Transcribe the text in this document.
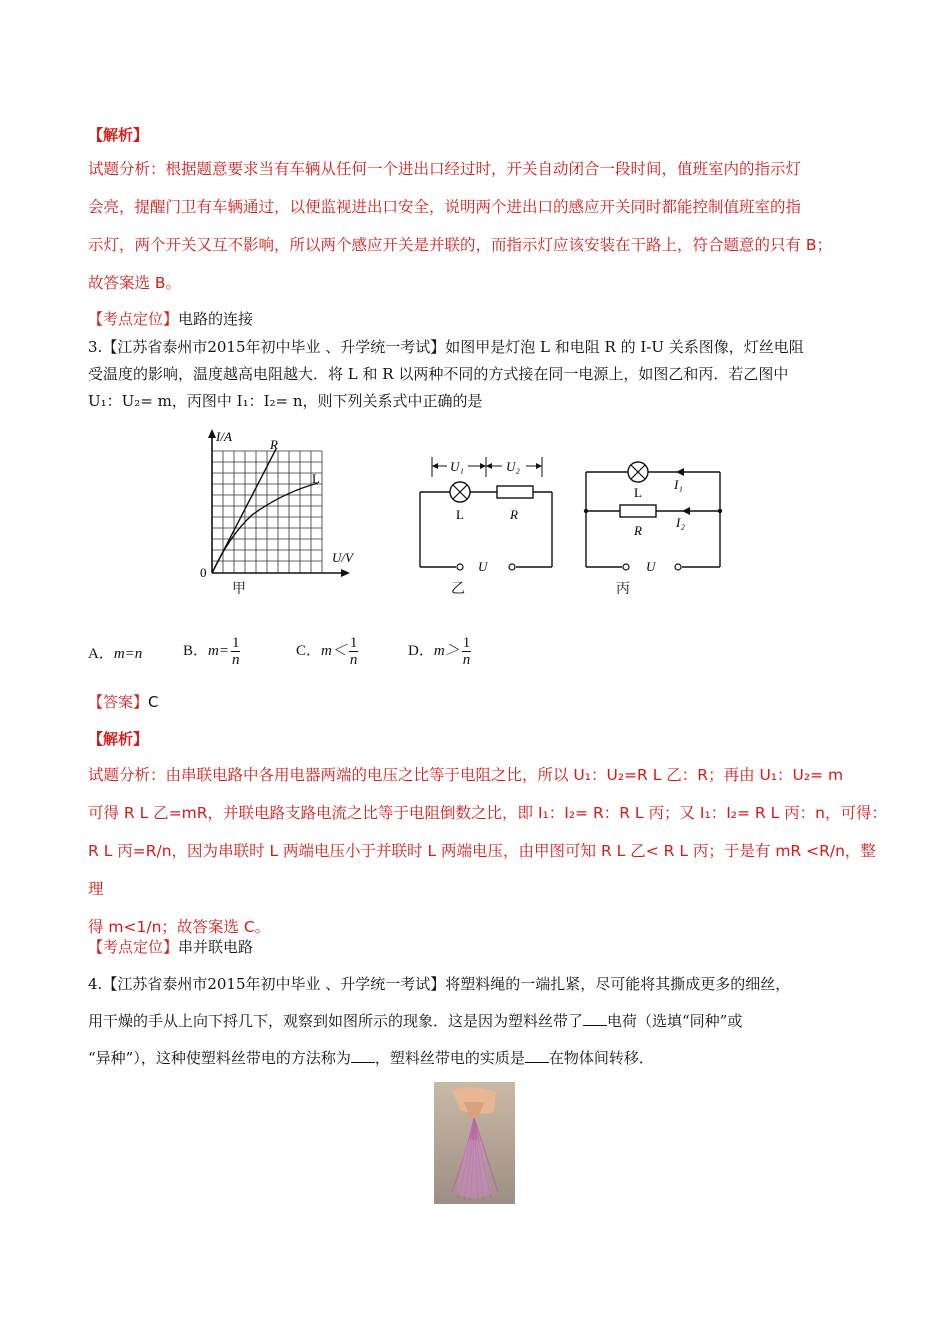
【解析】
试题分析：根据题意要求当有车辆从任何一个进出口经过时，开关自动闭合一段时间，值班室内的指示灯
会亮，提醒门卫有车辆通过，以便监视进出口安全，说明两个进出口的感应开关同时都能控制值班室的指
示灯，两个开关又互不影响，所以两个感应开关是并联的，而指示灯应该安装在干路上，符合题意的只有 B；
故答案选 B。
【考点定位】电路的连接
3.【江苏省泰州市2015年初中毕业 、升学统一考试】如图甲是灯泡 L 和电阻 R 的 I-U 关系图像，灯丝电阻
受温度的影响，温度越高电阻越大．将 L 和 R 以两种不同的方式接在同一电源上，如图乙和丙．若乙图中
U₁：U₂= m，丙图中 I₁：I₂= n，则下列关系式中正确的是
I/A
U/V
0
R
L
甲
U₁	U₂
L	R
U
乙
L
R
I₁
I₂
U
丙
A．m=n	B．$m= \frac{1}{n}$	C．$m< \frac{1}{n}$	D．$m> \frac{1}{n}$
【答案】C
【解析】
试题分析：由串联电路中各用电器两端的电压之比等于电阻之比，所以 U₁：U₂=R L 乙：R；再由 U₁：U₂= m
可得 R L 乙=mR，并联电路支路电流之比等于电阻倒数之比，即 I₁：I₂= R：R L 丙；又 I₁：I₂= R L 丙：n，可得：
R L 丙=R/n，因为串联时 L 两端电压小于并联时 L 两端电压，由甲图可知 R L 乙< R L 丙；于是有 mR <R/n，整理
得 m<1/n；故答案选 C。
【考点定位】串并联电路
4.【江苏省泰州市2015年初中毕业 、升学统一考试】将塑料绳的一端扎紧，尽可能将其撕成更多的细丝，
用干燥的手从上向下捋几下，观察到如图所示的现象．这是因为塑料丝带了 电荷（选填“同种”或
“异种”），这种使塑料丝带电的方法称为 ，塑料丝带电的实质是 在物体间转移．
